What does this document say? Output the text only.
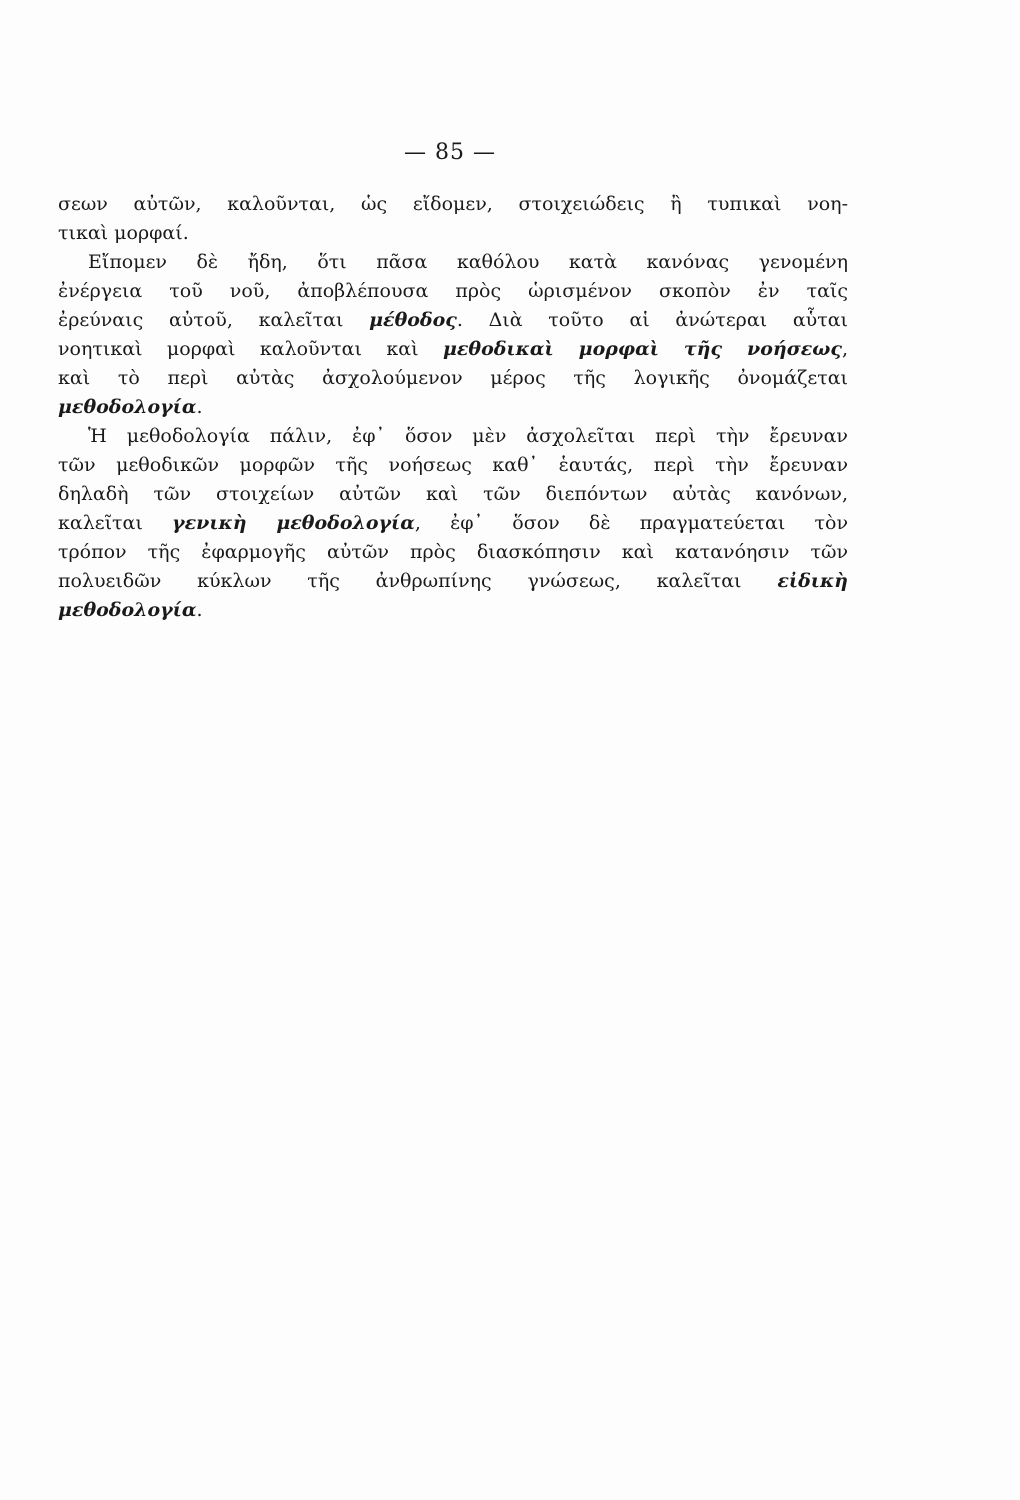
— 85 —
σεων αὐτῶν, καλοῦνται, ὡς εἴδομεν, στοιχειώδεις ἢ τυπικαὶ νοη-
τικαὶ μορφαί.
Εἴπομεν δὲ ἤδη, ὅτι πᾶσα καθόλου κατὰ κανόνας γενομένη
ἐνέργεια τοῦ νοῦ, ἀποβλέπουσα πρὸς ὡρισμένον σκοπὸν ἐν ταῖς
ἐρεύναις αὐτοῦ, καλεῖται μέθοδος. Διὰ τοῦτο αἱ ἀνώτεραι αὗται
νοητικαὶ μορφαὶ καλοῦνται καὶ μεθοδικαὶ μορφαὶ τῆς νοήσεως,
καὶ τὸ περὶ αὐτὰς ἀσχολούμενον μέρος τῆς λογικῆς ὀνομάζεται
μεθοδολογία.
Ἡ μεθοδολογία πάλιν, ἐφ᾽ ὅσον μὲν ἀσχολεῖται περὶ τὴν ἔρευναν
τῶν μεθοδικῶν μορφῶν τῆς νοήσεως καθ᾽ ἑαυτάς, περὶ τὴν ἔρευναν
δηλαδὴ τῶν στοιχείων αὐτῶν καὶ τῶν διεπόντων αὐτὰς κανόνων,
καλεῖται γενικὴ μεθοδολογία, ἐφ᾽ ὅσον δὲ πραγματεύεται τὸν
τρόπον τῆς ἐφαρμογῆς αὐτῶν πρὸς διασκόπησιν καὶ κατανόησιν τῶν
πολυειδῶν κύκλων τῆς ἀνθρωπίνης γνώσεως, καλεῖται εἰδικὴ
μεθοδολογία.
